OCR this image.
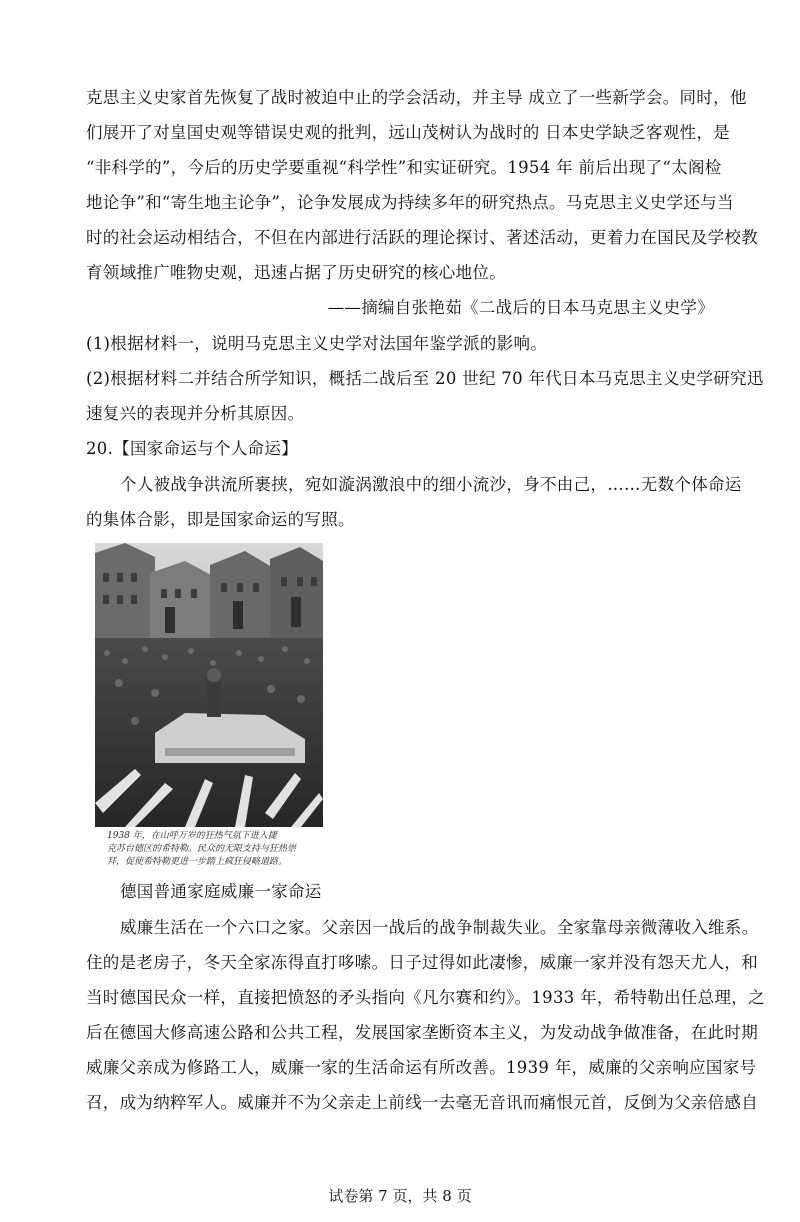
克思主义史家首先恢复了战时被迫中止的学会活动，并主导 成立了一些新学会。同时，他
们展开了对皇国史观等错误史观的批判，远山茂树认为战时的 日本史学缺乏客观性，是
“非科学的”，今后的历史学要重视“科学性”和实证研究。1954 年 前后出现了“太阁检
地论争”和“寄生地主论争”，论争发展成为持续多年的研究热点。马克思主义史学还与当
时的社会运动相结合，不但在内部进行活跃的理论探讨、著述活动，更着力在国民及学校教
育领域推广唯物史观，迅速占据了历史研究的核心地位。
——摘编自张艳茹《二战后的日本马克思主义史学》
(1)根据材料一，说明马克思主义史学对法国年鉴学派的影响。
(2)根据材料二并结合所学知识，概括二战后至 20 世纪 70 年代日本马克思主义史学研究迅
速复兴的表现并分析其原因。
20.【国家命运与个人命运】
个人被战争洪流所裹挟，宛如漩涡激浪中的细小流沙，身不由己，……无数个体命运
的集体合影，即是国家命运的写照。
1938 年，在山呼万岁的狂热气氛下进入捷
克苏台德区的希特勒。民众的无限支持与狂热崇
拜，促使希特勒更进一步踏上疯狂侵略道路。
德国普通家庭威廉一家命运
威廉生活在一个六口之家。父亲因一战后的战争制裁失业。全家靠母亲微薄收入维系。
住的是老房子，冬天全家冻得直打哆嗦。日子过得如此凄惨，威廉一家并没有怨天尤人，和
当时德国民众一样，直接把愤怒的矛头指向《凡尔赛和约》。1933 年，希特勒出任总理，之
后在德国大修高速公路和公共工程，发展国家垄断资本主义，为发动战争做准备，在此时期
威廉父亲成为修路工人，威廉一家的生活命运有所改善。1939 年，威廉的父亲响应国家号
召，成为纳粹军人。威廉并不为父亲走上前线一去毫无音讯而痛恨元首，反倒为父亲倍感自
试卷第 7 页，共 8 页
